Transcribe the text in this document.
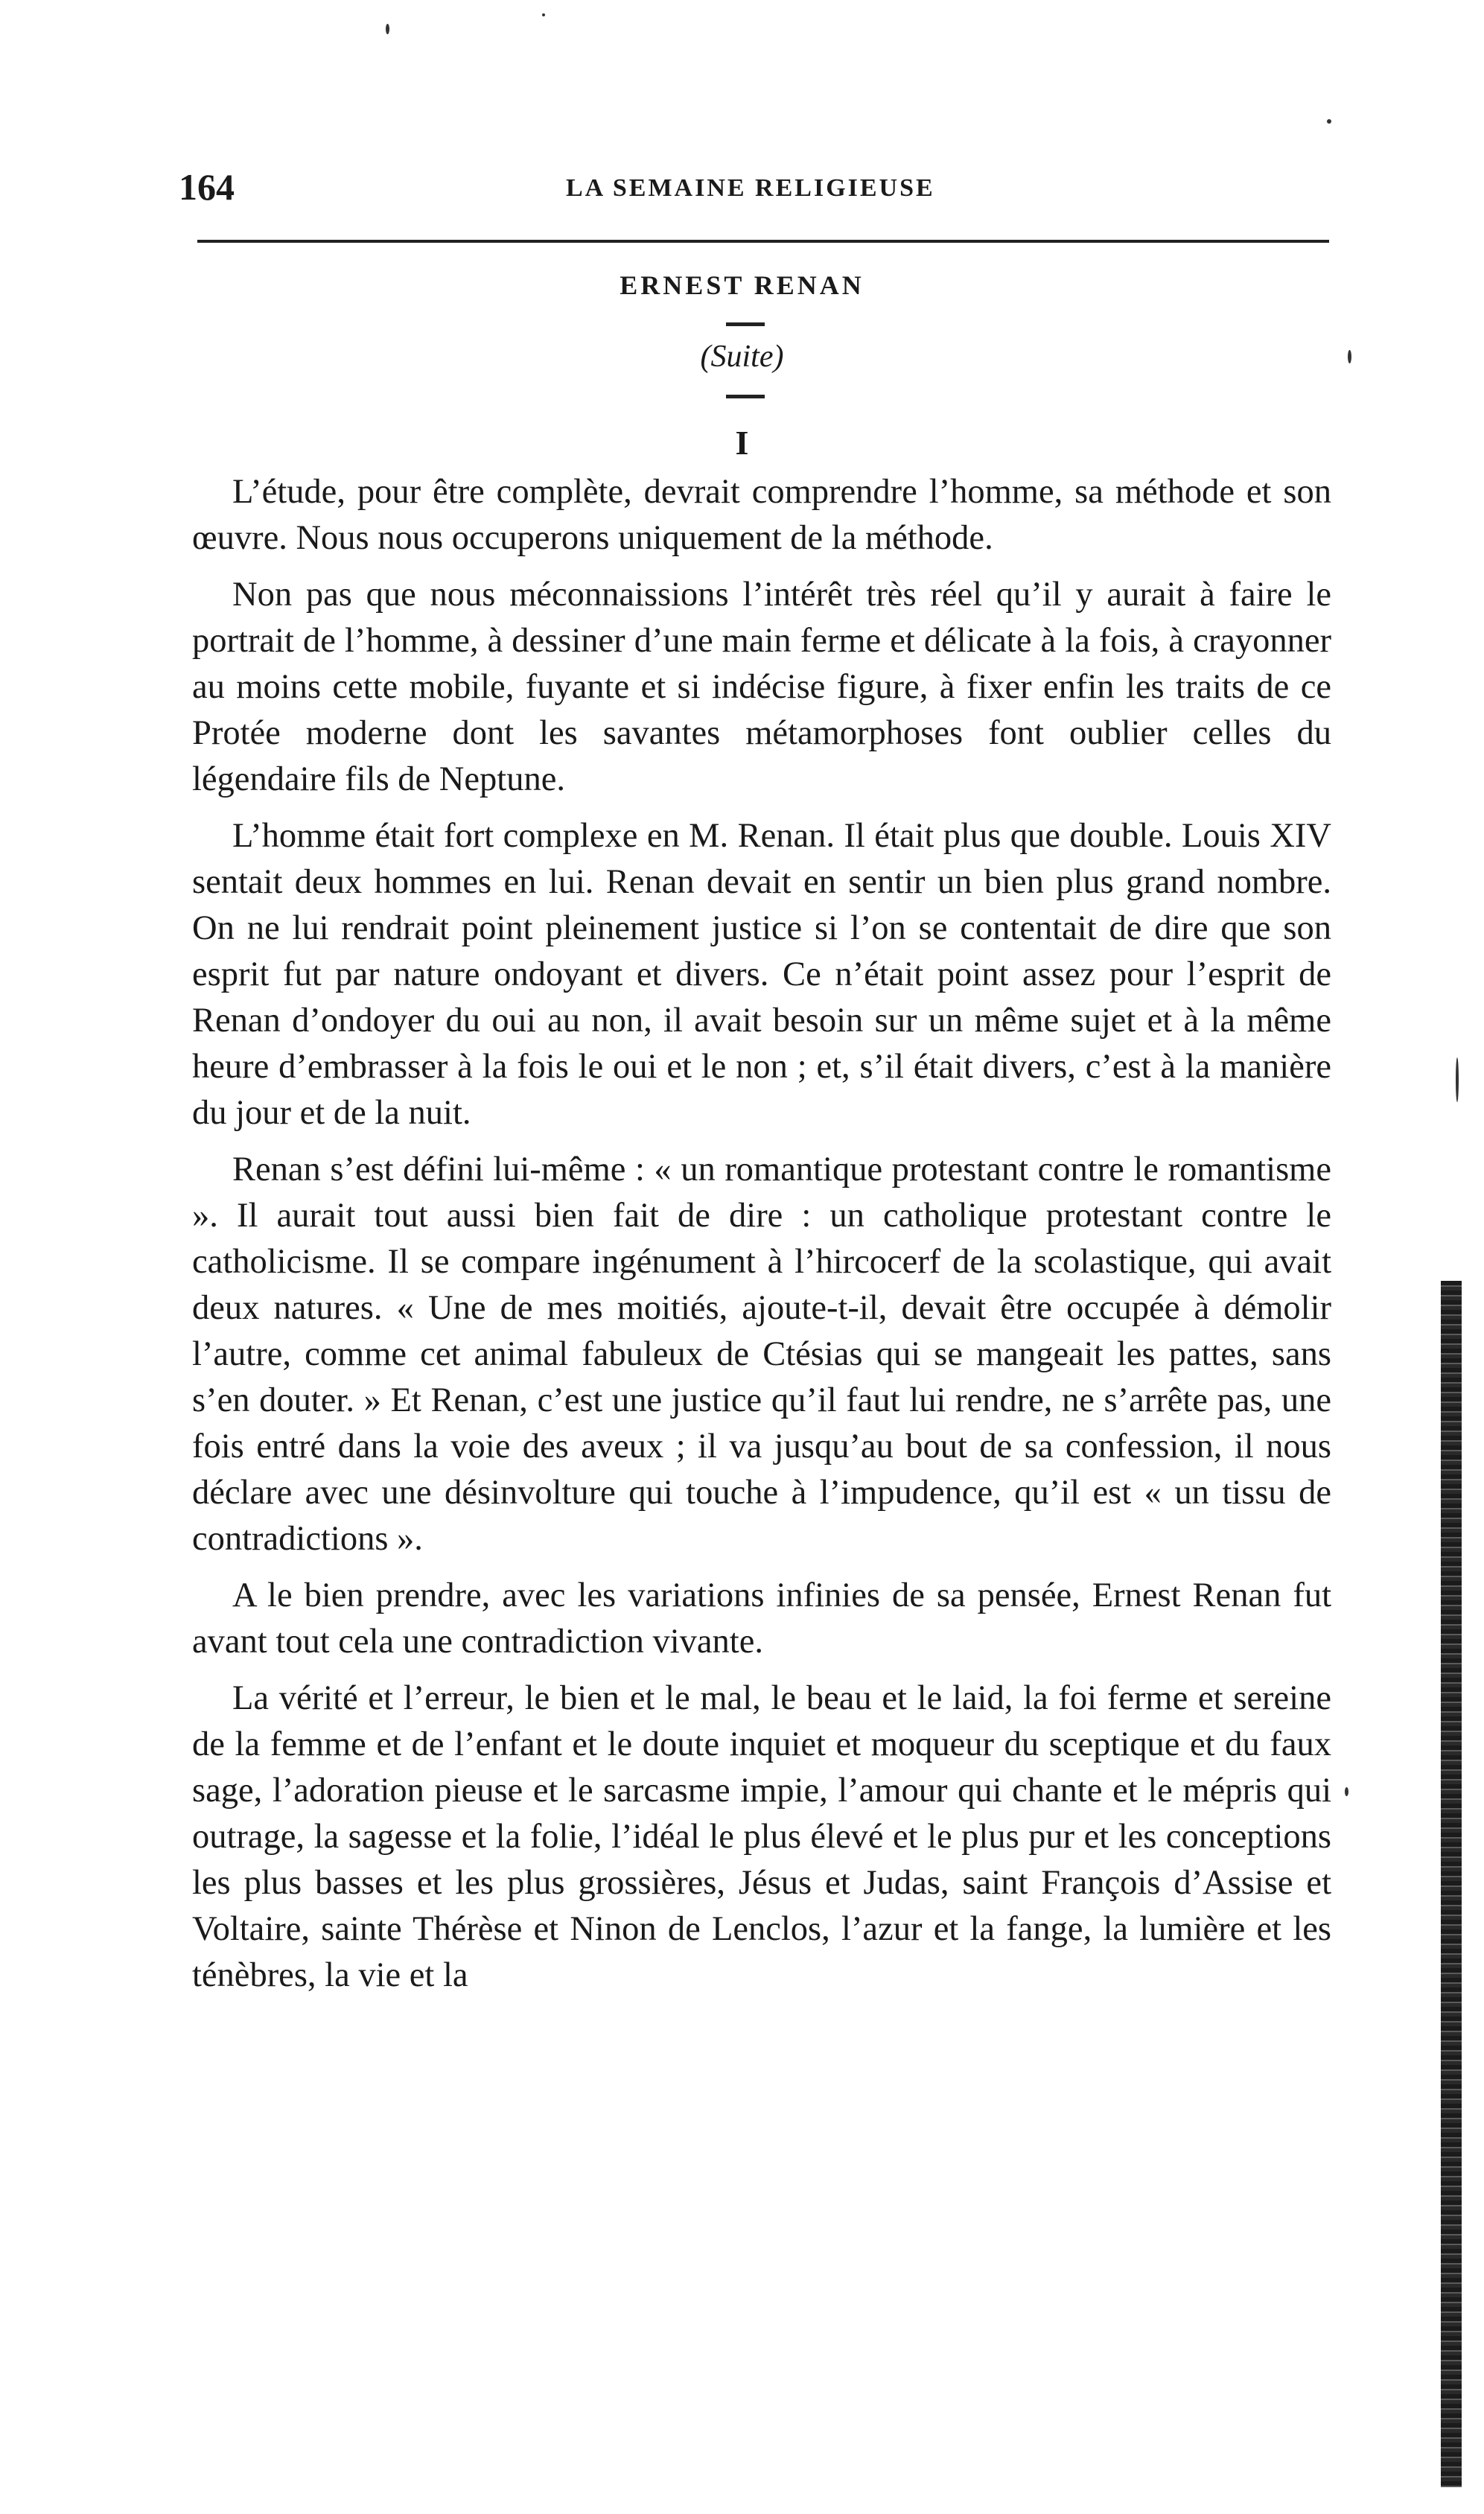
164	LA SEMAINE RELIGIEUSE
ERNEST RENAN
(Suite)
I

L’étude, pour être complète, devrait comprendre l’homme, sa méthode et son œuvre. Nous nous occuperons uniquement de la méthode.

Non pas que nous méconnaissions l’intérêt très réel qu’il y aurait à faire le portrait de l’homme, à dessiner d’une main ferme et délicate à la fois, à crayonner au moins cette mobile, fuyante et si indécise figure, à fixer enfin les traits de ce Protée moderne dont les savantes métamorphoses font oublier celles du légendaire fils de Neptune.

L’homme était fort complexe en M. Renan. Il était plus que double. Louis XIV sentait deux hommes en lui. Renan devait en sentir un bien plus grand nombre. On ne lui rendrait point pleinement justice si l’on se contentait de dire que son esprit fut par nature ondoyant et divers. Ce n’était point assez pour l’esprit de Renan d’ondoyer du oui au non, il avait besoin sur un même sujet et à la même heure d’embrasser à la fois le oui et le non ; et, s’il était divers, c’est à la manière du jour et de la nuit.

Renan s’est défini lui-même : « un romantique protestant contre le romantisme ». Il aurait tout aussi bien fait de dire : un catholique protestant contre le catholicisme. Il se compare ingénument à l’hircocerf de la scolastique, qui avait deux natures. « Une de mes moitiés, ajoute-t-il, devait être occupée à démolir l’autre, comme cet animal fabuleux de Ctésias qui se mangeait les pattes, sans s’en douter. » Et Renan, c’est une justice qu’il faut lui rendre, ne s’arrête pas, une fois entré dans la voie des aveux ; il va jusqu’au bout de sa confession, il nous déclare avec une désinvolture qui touche à l’impudence, qu’il est « un tissu de contradictions ».

A le bien prendre, avec les variations infinies de sa pensée, Ernest Renan fut avant tout cela une contradiction vivante.

La vérité et l’erreur, le bien et le mal, le beau et le laid, la foi ferme et sereine de la femme et de l’enfant et le doute inquiet et moqueur du sceptique et du faux sage, l’adoration pieuse et le sarcasme impie, l’amour qui chante et le mépris qui outrage, la sagesse et la folie, l’idéal le plus élevé et le plus pur et les conceptions les plus basses et les plus grossières, Jésus et Judas, saint François d’Assise et Voltaire, sainte Thérèse et Ninon de Lenclos, l’azur et la fange, la lumière et les ténèbres, la vie et la
